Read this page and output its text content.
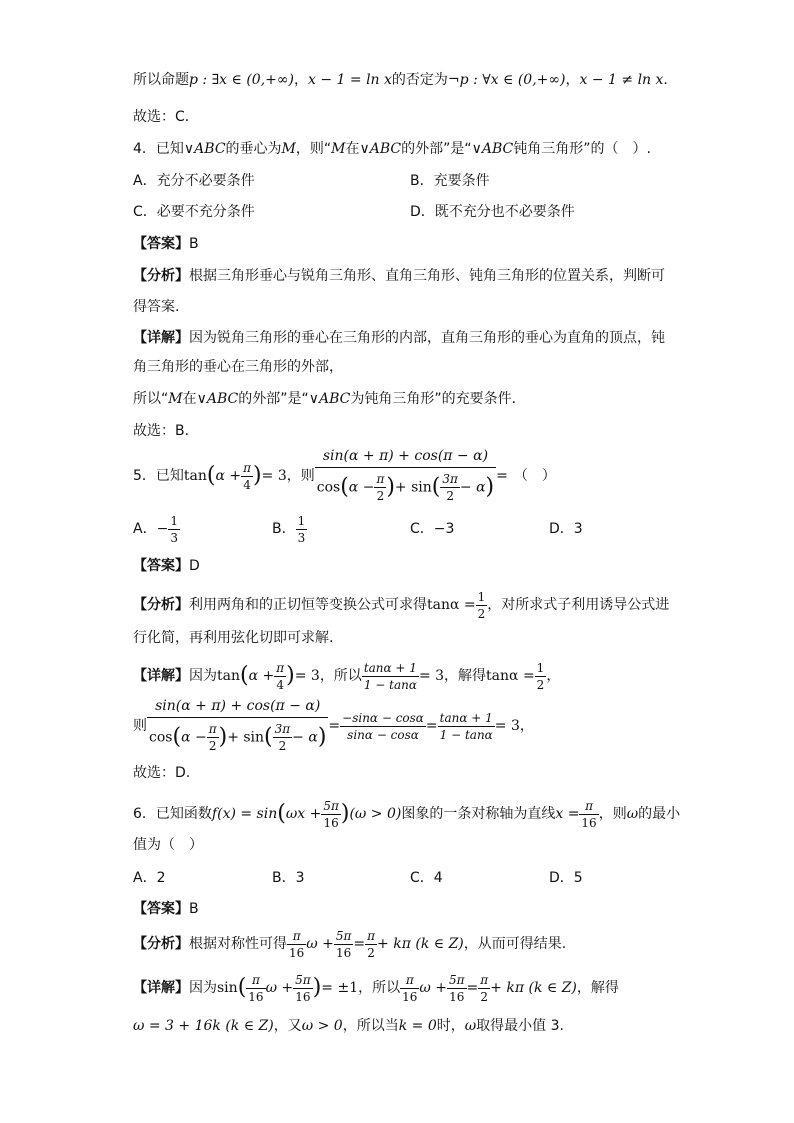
所以命题p : ∃x ∈ (0,+∞)，x − 1 = ln x的否定为¬p : ∀x ∈ (0,+∞)，x − 1 ≠ ln x.
故选：C．
4．已知∨ABC的垂心为M，则“M在∨ABC的外部”是“∨ABC钝角三角形”的（　）.
A．充分不必要条件	B．充要条件
C．必要不充分条件	D．既不充分也不必要条件
【答案】B
【分析】根据三角形垂心与锐角三角形、直角三角形、钝角三角形的位置关系，判断可
得答案.
【详解】因为锐角三角形的垂心在三角形的内部，直角三角形的垂心为直角的顶点，钝
角三角形的垂心在三角形的外部，
所以“M在∨ABC的外部”是“∨ABC为钝角三角形”的充要条件．
故选：B.
5．已知$\tan(\alpha + \frac{\pi}{4}$ )= 3，则 $\frac{\sin(\alpha + \pi) + \cos(\pi - \alpha)}{\cos(\alpha - \frac{\pi}{2} )+ \sin( \frac{3\pi}{2} - \alpha)}$ = （　）
A．− $\frac{1}{3}$	B． $\frac{1}{3}$	C．−3	D．3
【答案】D
【分析】利用两角和的正切恒等变换公式可求得$\tan\alpha = \frac{1}{2}$ ，对所求式子利用诱导公式进
行化简，再利用弦化切即可求解.
【详解】因为$\tan(\alpha + \frac{\pi}{4}$ )= 3，所以 $\frac{\tan\alpha + 1}{1 - \tan\alpha} = 3$，解得$\tan\alpha = \frac{1}{2}$ ，
则 $\frac{\sin(\alpha + \pi) + \cos(\pi - \alpha)}{\cos(\alpha - \frac{\pi}{2} )+ \sin( \frac{3\pi}{2} - \alpha)} = \frac{-\sin\alpha - \cos\alpha}{\sin\alpha - \cos\alpha} = \frac{\tan\alpha + 1}{1 - \tan\alpha} = 3$，
故选：D.
6．已知函数$f(x) = \sin(\omega x + \frac{5\pi}{16} )(\omega > 0)$图象的一条对称轴为直线$x = \frac{\pi}{16}$ ，则ω的最小
值为（　）
A．2	B．3	C．4	D．5
【答案】B
【分析】根据对称性可得 $\frac{\pi}{16}$ $\omega + \frac{5\pi}{16} = \frac{\pi}{2} + k\pi$ (k ∈ Z)，从而可得结果.
【详解】因为$\sin( \frac{\pi}{16}$ $\omega + \frac{5\pi}{16}$ )= ±1，所以 $\frac{\pi}{16}$ $\omega + \frac{5\pi}{16} = \frac{\pi}{2} + k\pi$ (k ∈ Z)，解得
ω = 3 + 16k (k ∈ Z)，又ω > 0，所以当k = 0时，ω取得最小值 3.
